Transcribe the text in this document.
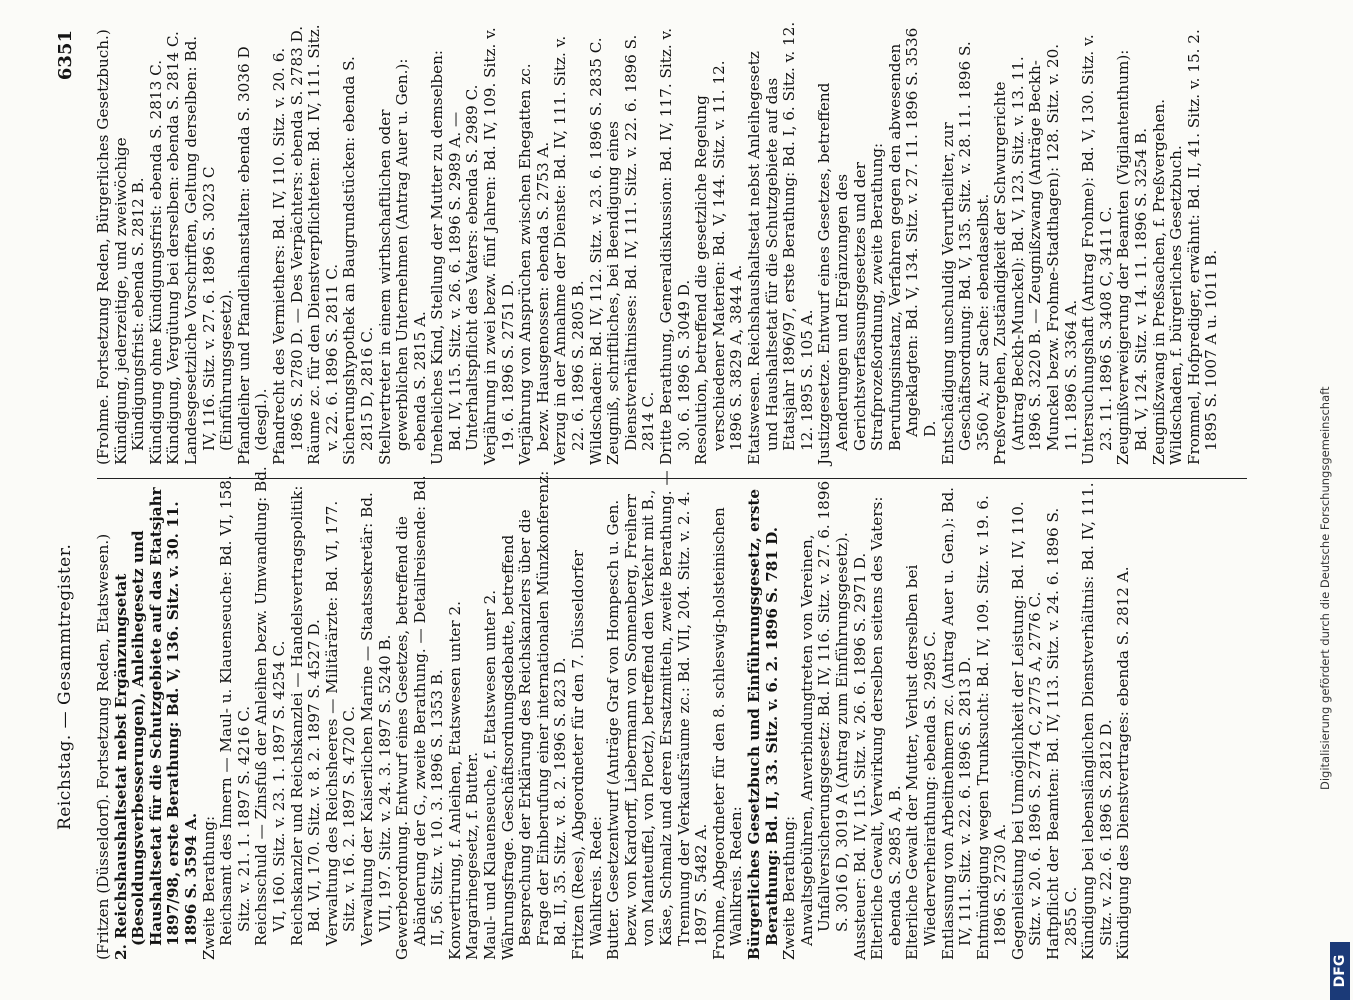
Reichstag. — Gesammtregister.
6351

(Fritzen (Düsseldorf). Fortsetzung Reden, Etatswesen.) 2. Reichshaushaltsetat nebst Ergänzungsetat (Besoldungsverbesserungen), Anleihegesetz und Haushaltsetat für die Schutzgebiete auf das Etatsjahr 1897/98, erste Berathung: Bd. V, 136. Sitz. v. 30. 11. 1896 S. 3594 A. Zweite Berathung: Reichsamt des Innern — Maul- u. Klauenseuche: Bd. VI, 158. Sitz. v. 21. 1. 1897 S. 4216 C. Reichsschuld — Zinsfuß der Anleihen bezw. Umwandlung: Bd. VI, 160. Sitz. v. 23. 1. 1897 S. 4254 C. Reichskanzler und Reichskanzlei — Handelsvertragspolitik: Bd. VI, 170. Sitz. v. 8. 2. 1897 S. 4527 D. Verwaltung des Reichsheeres — Militärärzte: Bd. VI, 177. Sitz. v. 16. 2. 1897 S. 4720 C. Verwaltung der Kaiserlichen Marine — Staatssekretär: Bd. VII, 197. Sitz. v. 24. 3. 1897 S. 5240 B. Gewerbeordnung. Entwurf eines Gesetzes, betreffend die Abänderung der G., zweite Berathung. — Detailreisende: Bd. II, 56. Sitz. v. 10. 3. 1896 S. 1353 B. Konvertirung, f. Anleihen, Etatswesen unter 2. Margarinegesetz, f. Butter. Maul- und Klauenseuche, f. Etatswesen unter 2. Währungsfrage. Geschäftsordnungsdebatte, betreffend Besprechung der Erklärung des Reichskanzlers über die Frage der Einberufung einer internationalen Münzkonferenz: Bd. II, 35. Sitz. v. 8. 2. 1896 S. 823 D. Fritzen (Rees), Abgeordneter für den 7. Düsseldorfer Wahlkreis. Rede: Butter. Gesetzentwurf (Anträge Graf von Hompesch u. Gen. bezw. von Kardorff, Liebermann von Sonnenberg, Freiherr von Manteuffel, von Ploetz), betreffend den Verkehr mit B., Käse, Schmalz und deren Ersatzmitteln, zweite Berathung. — Trennung der Verkaufsräume zc.: Bd. VII, 204. Sitz. v. 2. 4. 1897 S. 5482 A. Frohme, Abgeordneter für den 8. schleswig-holsteinischen Wahlkreis. Reden: Bürgerliches Gesetzbuch und Einführungsgesetz, erste Berathung: Bd. II, 33. Sitz. v. 6. 2. 1896 S. 781 D. Zweite Berathung: Anwaltsgebühren, Anverbindungtreten von Vereinen, Unfallversicherungsgesetz: Bd. IV, 116. Sitz. v. 27. 6. 1896 S. 3016 D, 3019 A (Antrag zum Einführungsgesetz). Aussteuer: Bd. IV, 115. Sitz. v. 26. 6. 1896 S. 2971 D. Elterliche Gewalt, Verwirkung derselben seitens des Vaters: ebenda S. 2985 A, B. Elterliche Gewalt der Mutter, Verlust derselben bei Wiederverheirathung: ebenda S. 2985 C. Entlassung von Arbeitnehmern zc. (Antrag Auer u. Gen.): Bd. IV, 111. Sitz. v. 22. 6. 1896 S. 2813 D. Entmündigung wegen Trunksucht: Bd. IV, 109. Sitz. v. 19. 6. 1896 S. 2730 A. Gegenleistung bei Unmöglichkeit der Leistung: Bd. IV, 110. Sitz. v. 20. 6. 1896 S. 2774 C, 2775 A, 2776 C. Haftpflicht der Beamten: Bd. IV, 113. Sitz. v. 24. 6. 1896 S. 2855 C. Kündigung bei lebenslänglichen Dienstverhältnis: Bd. IV, 111. Sitz. v. 22. 6. 1896 S. 2812 D. Kündigung des Dienstvertrages: ebenda S. 2812 A.

(Frohme. Fortsetzung Reden, Bürgerliches Gesetzbuch.) Kündigung, jederzeitige, und zweiwöchige Kündigungsfrist: ebenda S. 2812 B. Kündigung ohne Kündigungsfrist: ebenda S. 2813 C. Kündigung, Vergütung bei derselben: ebenda S. 2814 C. Landesgesetzliche Vorschriften, Geltung derselben: Bd. IV, 116. Sitz. v. 27. 6. 1896 S. 3023 C (Einführungsgesetz). Pfandleiher und Pfandleihanstalten: ebenda S. 3036 D (desgl.). Pfandrecht des Vermiethers: Bd. IV, 110. Sitz. v. 20. 6. 1896 S. 2780 D. — Des Verpächters: ebenda S. 2783 D. Räume zc. für den Dienstverpflichteten: Bd. IV, 111. Sitz. v. 22. 6. 1896 S. 2811 C. Sicherungshypothek an Baugrundstücken: ebenda S. 2815 D, 2816 C. Stellvertreter in einem wirthschaftlichen oder gewerblichen Unternehmen (Antrag Auer u. Gen.): ebenda S. 2815 A. Uneheliches Kind, Stellung der Mutter zu demselben: Bd. IV, 115. Sitz. v. 26. 6. 1896 S. 2989 A. — Unterhaltspflicht des Vaters: ebenda S. 2989 C. Verjährung in zwei bezw. fünf Jahren: Bd. IV, 109. Sitz. v. 19. 6. 1896 S. 2751 D. Verjährung von Ansprüchen zwischen Ehegatten zc. bezw. Hausgenossen: ebenda S. 2753 A. Verzug in der Annahme der Dienste: Bd. IV, 111. Sitz. v. 22. 6. 1896 S. 2805 B. Wildschaden: Bd. IV, 112. Sitz. v. 23. 6. 1896 S. 2835 C. Zeugniß, schriftliches, bei Beendigung eines Dienstverhältnisses: Bd. IV, 111. Sitz. v. 22. 6. 1896 S. 2814 C. Dritte Berathung, Generaldiskussion: Bd. IV, 117. Sitz. v. 30. 6. 1896 S. 3049 D. Resolution, betreffend die gesetzliche Regelung verschiedener Materien: Bd. V, 144. Sitz. v. 11. 12. 1896 S. 3829 A, 3844 A. Etatswesen. Reichshaushaltsetat nebst Anleihegesetz und Haushaltsetat für die Schutzgebiete auf das Etatsjahr 1896/97, erste Berathung: Bd. I, 6. Sitz. v. 12. 12. 1895 S. 105 A. Justizgesetze. Entwurf eines Gesetzes, betreffend Aenderungen und Ergänzungen des Gerichtsverfassungsgesetzes und der Strafprozeßordnung, zweite Berathung: Berufungsinstanz, Verfahren gegen den abwesenden Angeklagten: Bd. V, 134. Sitz. v. 27. 11. 1896 S. 3536 D. Entschädigung unschuldig Verurtheilter, zur Geschäftsordnung: Bd. V, 135. Sitz. v. 28. 11. 1896 S. 3560 A; zur Sache: ebendaselbst. Preßvergehen, Zuständigkeit der Schwurgerichte (Antrag Beckh-Munckel): Bd. V, 123. Sitz. v. 13. 11. 1896 S. 3220 B. — Zeugnißzwang (Anträge Beckh-Munckel bezw. Frohme-Stadthagen): 128. Sitz. v. 20. 11. 1896 S. 3364 A. Untersuchungshaft (Antrag Frohme): Bd. V, 130. Sitz. v. 23. 11. 1896 S. 3408 C, 3411 C. Zeugnißverweigerung der Beamten (Vigilantenthum): Bd. V, 124. Sitz. v. 14. 11. 1896 S. 3254 B. Zeugnißzwang in Preßsachen, f. Preßvergehen. Wildschaden, f. bürgerliches Gesetzbuch. Frommel, Hofprediger, erwähnt: Bd. II, 41. Sitz. v. 15. 2. 1895 S. 1007 A u. 1011 B.

Digitalisierung gefördert durch die Deutsche Forschungsgemeinschaft
DFG
